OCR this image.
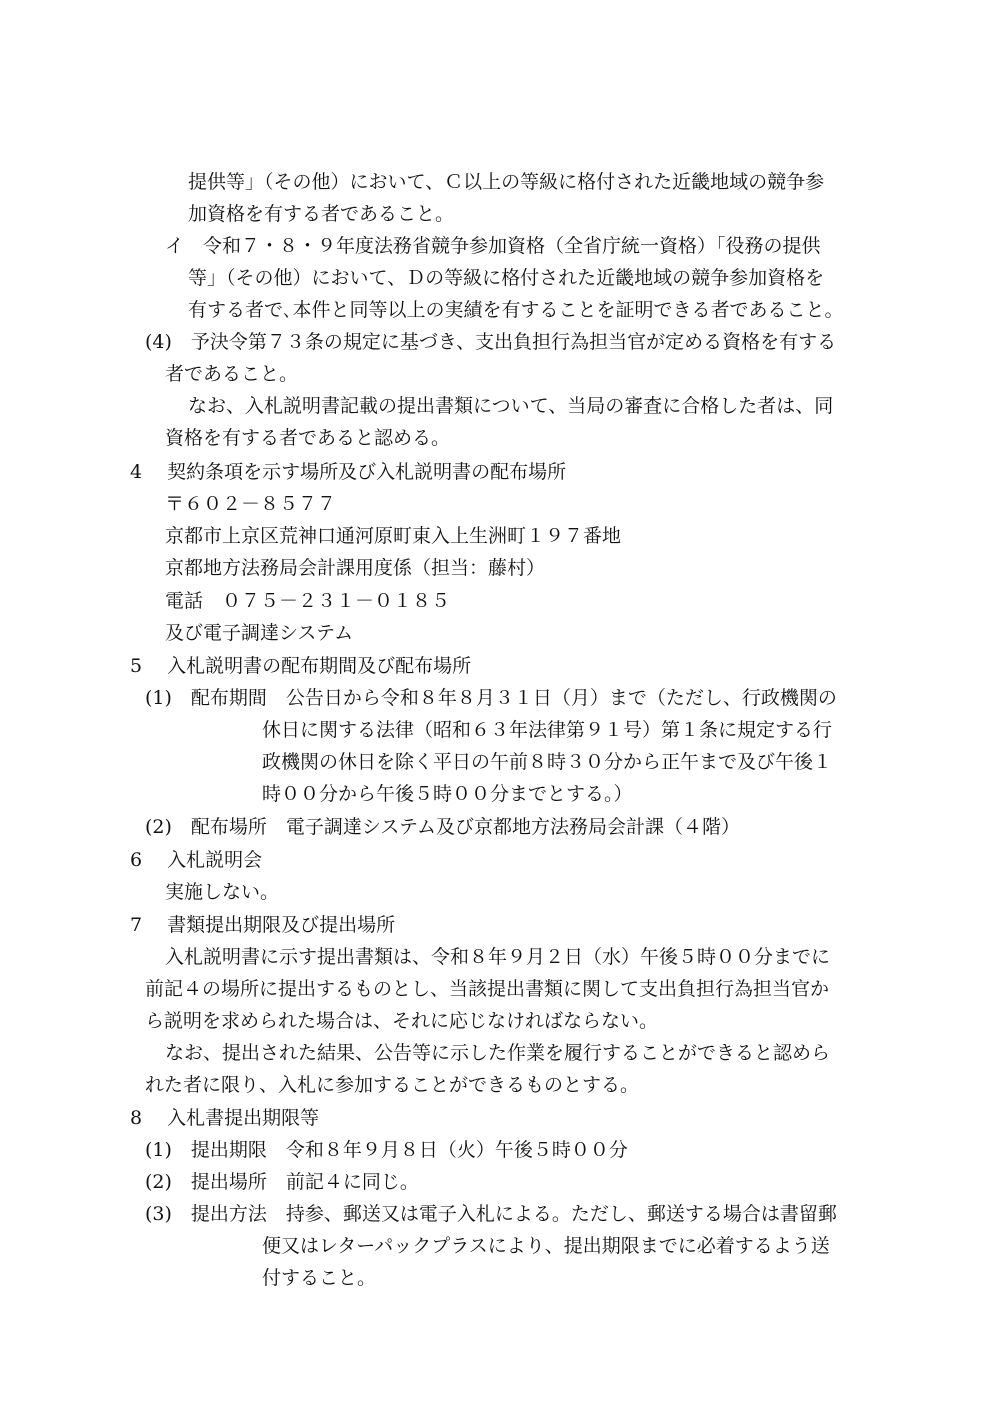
提供等」（その他）において、Ｃ以上の等級に格付された近畿地域の競争参
加資格を有する者であること。
イ　令和７・８・９年度法務省競争参加資格（全省庁統一資格）「役務の提供
等」（その他）において、Ｄの等級に格付された近畿地域の競争参加資格を
有する者で､本件と同等以上の実績を有することを証明できる者であること。
(4)　予決令第７３条の規定に基づき、支出負担行為担当官が定める資格を有する
者であること。
なお、入札説明書記載の提出書類について、当局の審査に合格した者は、同
資格を有する者であると認める。
4　 契約条項を示す場所及び入札説明書の配布場所
〒６０２－８５７７
京都市上京区荒神口通河原町東入上生洲町１９７番地
京都地方法務局会計課用度係（担当：藤村）
電話　０７５－２３１－０１８５
及び電子調達システム
5　 入札説明書の配布期間及び配布場所
(1)　配布期間　公告日から令和８年８月３１日（月）まで（ただし、行政機関の
休日に関する法律（昭和６３年法律第９１号）第１条に規定する行
政機関の休日を除く平日の午前８時３０分から正午まで及び午後１
時００分から午後５時００分までとする。）
(2)　配布場所　電子調達システム及び京都地方法務局会計課（４階）
6　 入札説明会
実施しない。
7　 書類提出期限及び提出場所
入札説明書に示す提出書類は、令和８年９月２日（水）午後５時００分までに
前記４の場所に提出するものとし、当該提出書類に関して支出負担行為担当官か
ら説明を求められた場合は、それに応じなければならない。
なお、提出された結果、公告等に示した作業を履行することができると認めら
れた者に限り、入札に参加することができるものとする。
8　 入札書提出期限等
(1)　提出期限　令和８年９月８日（火）午後５時００分
(2)　提出場所　前記４に同じ。
(3)　提出方法　持参、郵送又は電子入札による。ただし、郵送する場合は書留郵
便又はレターパックプラスにより、提出期限までに必着するよう送
付すること。
